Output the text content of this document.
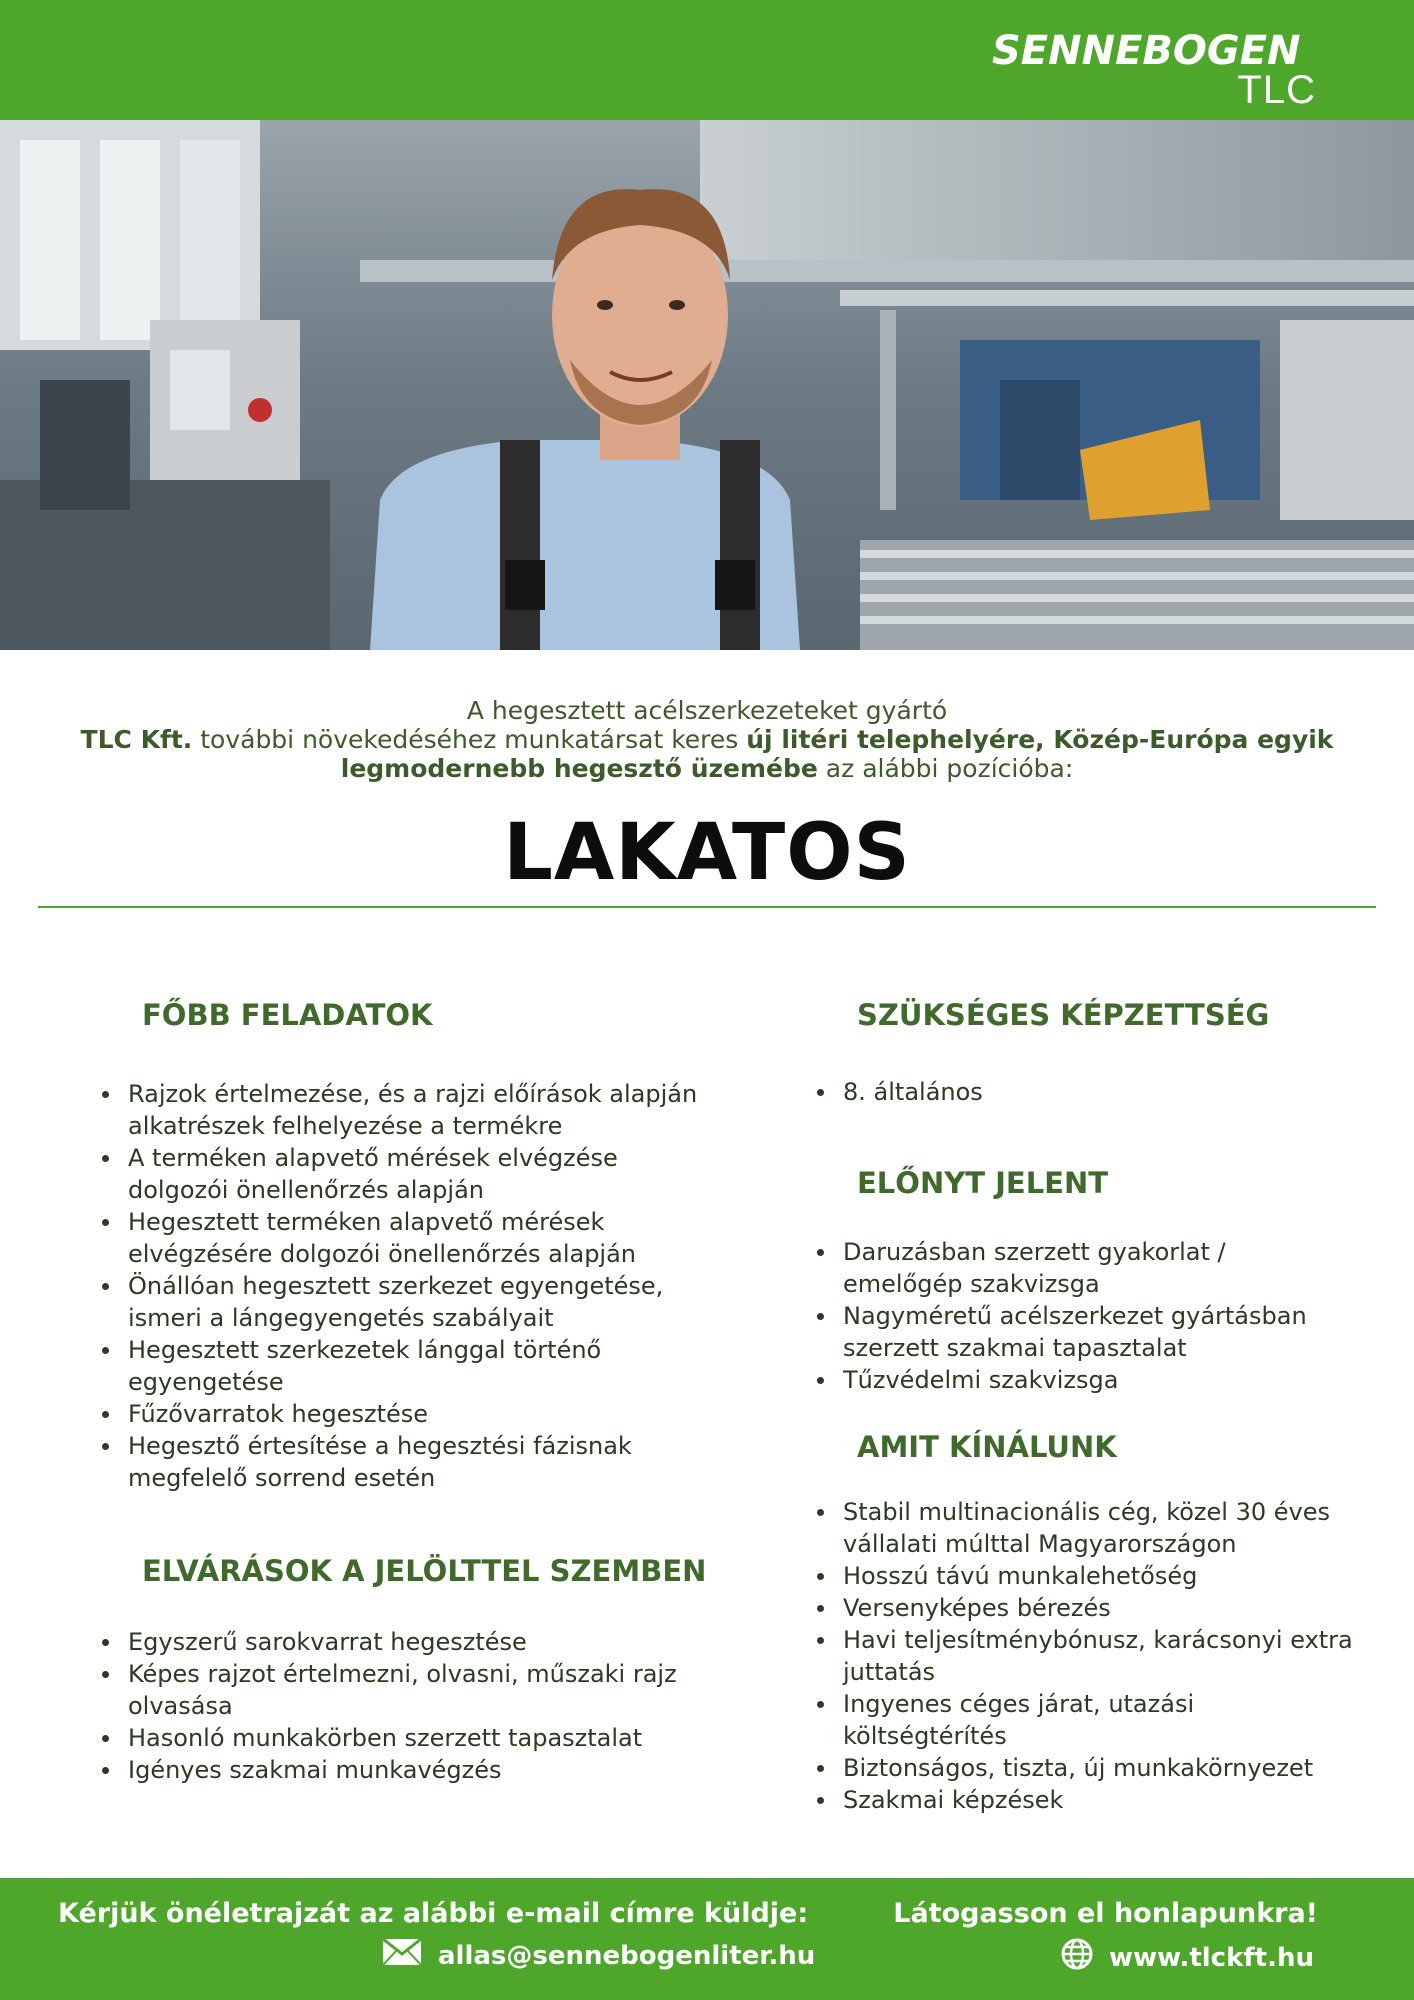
SENNEBOGEN
TLC
A hegesztett acélszerkezeteket gyártó
TLC Kft. további növekedéséhez munkatársat keres új litéri telephelyére, Közép-Európa egyik legmodernebb hegesztő üzemébe az alábbi pozícióba:
LAKATOS
FŐBB FELADATOK
Rajzok értelmezése, és a rajzi előírások alapján alkatrészek felhelyezése a termékre
A terméken alapvető mérések elvégzése dolgozói önellenőrzés alapján
Hegesztett terméken alapvető mérések elvégzésére dolgozói önellenőrzés alapján
Önállóan hegesztett szerkezet egyengetése, ismeri a lángegyengetés szabályait
Hegesztett szerkezetek lánggal történő egyengetése
Fűzővarratok hegesztése
Hegesztő értesítése a hegesztési fázisnak megfelelő sorrend esetén
ELVÁRÁSOK A JELÖLTTEL SZEMBEN
Egyszerű sarokvarrat hegesztése
Képes rajzot értelmezni, olvasni, műszaki rajz olvasása
Hasonló munkakörben szerzett tapasztalat
Igényes szakmai munkavégzés
SZÜKSÉGES KÉPZETTSÉG
8. általános
ELŐNYT JELENT
Daruzásban szerzett gyakorlat / emelőgép szakvizsga
Nagyméretű acélszerkezet gyártásban szerzett szakmai tapasztalat
Tűzvédelmi szakvizsga
AMIT KÍNÁLUNK
Stabil multinacionális cég, közel 30 éves vállalati múlttal Magyarországon
Hosszú távú munkalehetőség
Versenyképes bérezés
Havi teljesítménybónusz, karácsonyi extra juttatás
Ingyenes céges járat, utazási költségtérítés
Biztonságos, tiszta, új munkakörnyezet
Szakmai képzések
Kérjük önéletrajzát az alábbi e-mail címre küldje:
allas@sennebogenliter.hu
Látogasson el honlapunkra!
www.tlckft.hu
